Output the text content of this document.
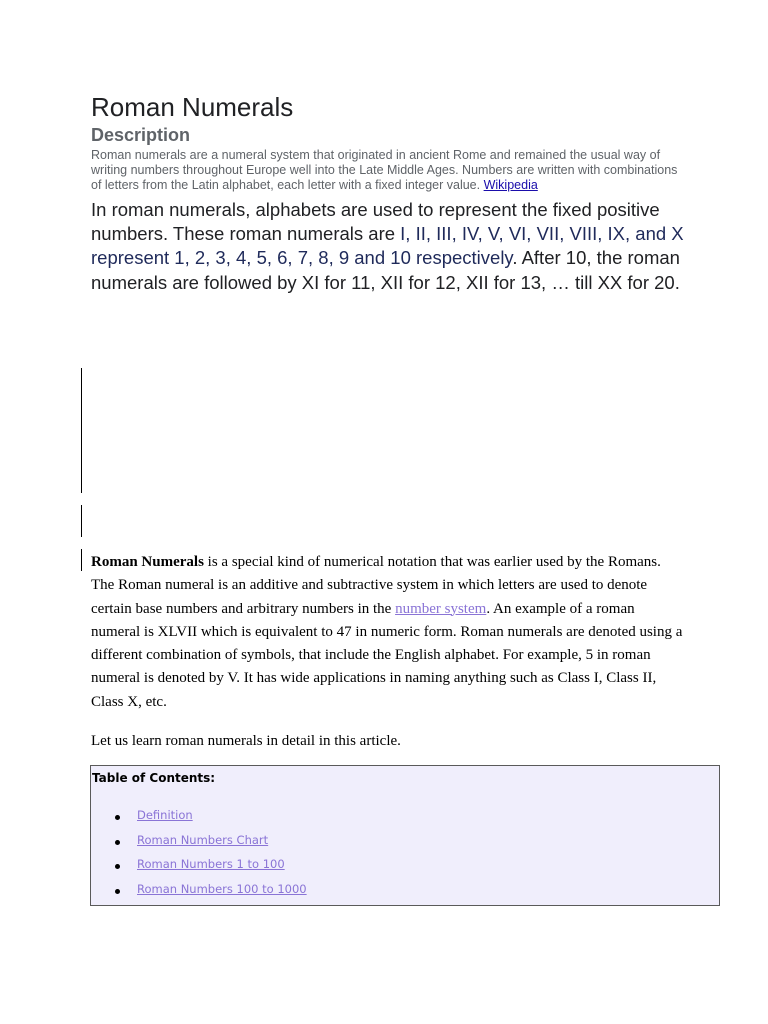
Roman Numerals
Description

Roman numerals are a numeral system that originated in ancient Rome and remained the usual way of writing numbers throughout Europe well into the Late Middle Ages. Numbers are written with combinations of letters from the Latin alphabet, each letter with a fixed integer value. Wikipedia

In roman numerals, alphabets are used to represent the fixed positive numbers. These roman numerals are I, II, III, IV, V, VI, VII, VIII, IX, and X represent 1, 2, 3, 4, 5, 6, 7, 8, 9 and 10 respectively. After 10, the roman numerals are followed by XI for 11, XII for 12, XII for 13, … till XX for 20.

Roman Numerals is a special kind of numerical notation that was earlier used by the Romans. The Roman numeral is an additive and subtractive system in which letters are used to denote certain base numbers and arbitrary numbers in the number system. An example of a roman numeral is XLVII which is equivalent to 47 in numeric form. Roman numerals are denoted using a different combination of symbols, that include the English alphabet. For example, 5 in roman numeral is denoted by V. It has wide applications in naming anything such as Class I, Class II, Class X, etc.

Let us learn roman numerals in detail in this article.

Table of Contents:
Definition
Roman Numbers Chart
Roman Numbers 1 to 100
Roman Numbers 100 to 1000
